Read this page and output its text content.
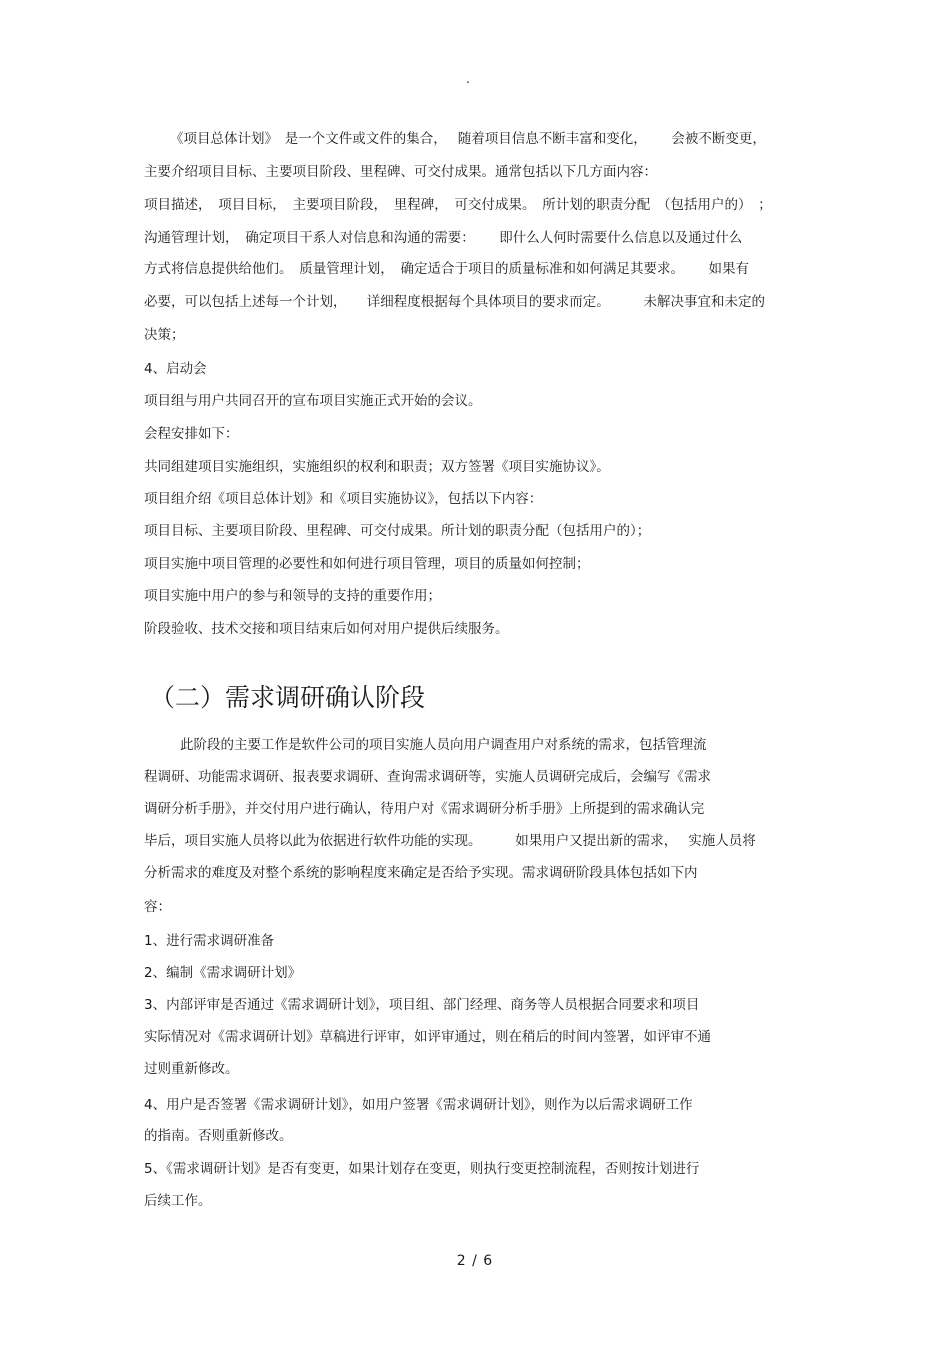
.
《项目总体计划》　是一个文件或文件的集合，　 随着项目信息不断丰富和变化，　　 会被不断变更，
主要介绍项目目标、主要项目阶段、里程碑、可交付成果。通常包括以下几方面内容：
项目描述，　项目目标，　主要项目阶段，　里程碑，　可交付成果。　所计划的职责分配　（包括用户的）　；
沟通管理计划，　确定项目干系人对信息和沟通的需要：　　 即什么人何时需要什么信息以及通过什么
方式将信息提供给他们。　质量管理计划，　确定适合于项目的质量标准和如何满足其要求。　　 如果有
必要，可以包括上述每一个计划，　　详细程度根据每个具体项目的要求而定。　　　未解决事宜和未定的
决策；
4、启动会
项目组与用户共同召开的宣布项目实施正式开始的会议。
会程安排如下：
共同组建项目实施组织，实施组织的权利和职责；双方签署《项目实施协议》。
项目组介绍《项目总体计划》和《项目实施协议》，包括以下内容：
项目目标、主要项目阶段、里程碑、可交付成果。所计划的职责分配（包括用户的）；
项目实施中项目管理的必要性和如何进行项目管理，项目的质量如何控制；
项目实施中用户的参与和领导的支持的重要作用；
阶段验收、技术交接和项目结束后如何对用户提供后续服务。
（二）需求调研确认阶段
此阶段的主要工作是软件公司的项目实施人员向用户调查用户对系统的需求，包括管理流
程调研、功能需求调研、报表要求调研、查询需求调研等，实施人员调研完成后，会编写《需求
调研分析手册》，并交付用户进行确认，待用户对《需求调研分析手册》上所提到的需求确认完
毕后，项目实施人员将以此为依据进行软件功能的实现。　　　如果用户又提出新的需求，　 实施人员将
分析需求的难度及对整个系统的影响程度来确定是否给予实现。需求调研阶段具体包括如下内
容：
1、进行需求调研准备
2、编制《需求调研计划》
3、内部评审是否通过《需求调研计划》，项目组、部门经理、商务等人员根据合同要求和项目
实际情况对《需求调研计划》草稿进行评审，如评审通过，则在稍后的时间内签署，如评审不通
过则重新修改。
4、用户是否签署《需求调研计划》，如用户签署《需求调研计划》，则作为以后需求调研工作
的指南。否则重新修改。
5、《需求调研计划》是否有变更，如果计划存在变更，则执行变更控制流程，否则按计划进行
后续工作。
2 / 6
